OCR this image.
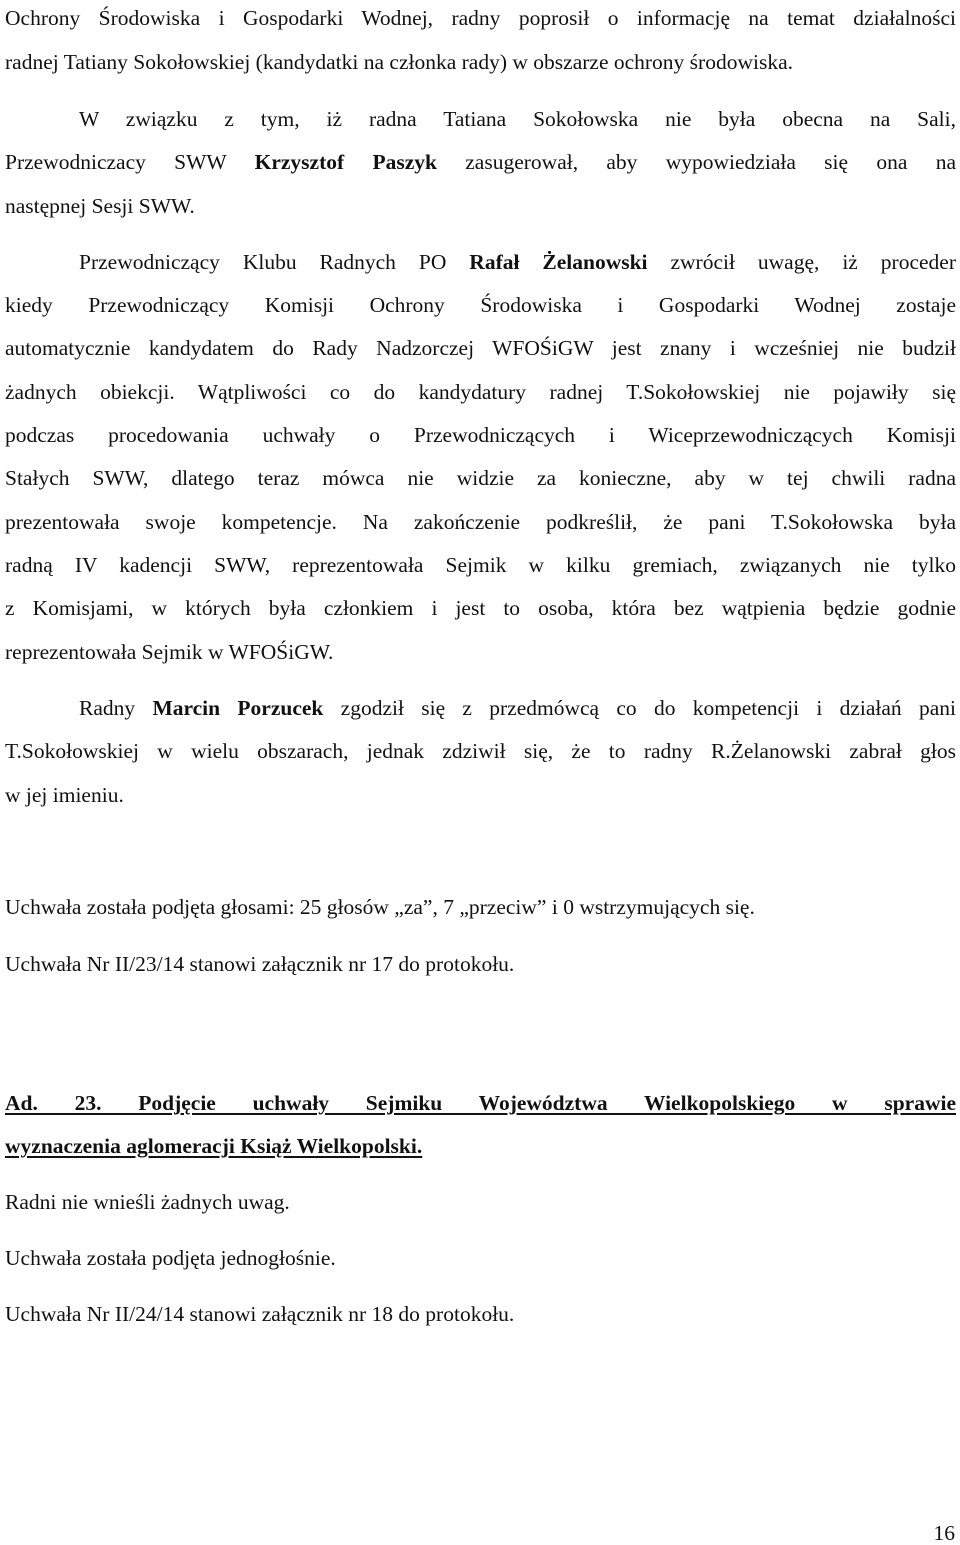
Ochrony Środowiska i Gospodarki Wodnej, radny poprosił o informację na temat działalności
radnej Tatiany Sokołowskiej (kandydatki na członka rady) w obszarze ochrony środowiska.
W związku z tym, iż radna Tatiana Sokołowska nie była obecna na Sali,
Przewodniczacy SWW Krzysztof Paszyk zasugerował, aby wypowiedziała się ona na
następnej Sesji SWW.
Przewodniczący Klubu Radnych PO Rafał Żelanowski zwrócił uwagę, iż proceder
kiedy Przewodniczący Komisji Ochrony Środowiska i Gospodarki Wodnej zostaje
automatycznie kandydatem do Rady Nadzorczej WFOŚiGW jest znany i wcześniej nie budził
żadnych obiekcji. Wątpliwości co do kandydatury radnej T.Sokołowskiej nie pojawiły się
podczas procedowania uchwały o Przewodniczących i Wiceprzewodniczących Komisji
Stałych SWW, dlatego teraz mówca nie widzie za konieczne, aby w tej chwili radna
prezentowała swoje kompetencje. Na zakończenie podkreślił, że pani T.Sokołowska była
radną IV kadencji SWW, reprezentowała Sejmik w kilku gremiach, związanych nie tylko
z Komisjami, w których była członkiem i jest to osoba, która bez wątpienia będzie godnie
reprezentowała Sejmik w WFOŚiGW.
Radny Marcin Porzucek zgodził się z przedmówcą co do kompetencji i działań pani
T.Sokołowskiej w wielu obszarach, jednak zdziwił się, że to radny R.Żelanowski zabrał głos
w jej imieniu.
Uchwała została podjęta głosami: 25 głosów „za”, 7 „przeciw” i 0 wstrzymujących się.
Uchwała Nr II/23/14 stanowi załącznik nr 17 do protokołu.
Ad. 23. Podjęcie uchwały Sejmiku Województwa Wielkopolskiego w sprawie
wyznaczenia aglomeracji Książ Wielkopolski.
Radni nie wnieśli żadnych uwag.
Uchwała została podjęta jednogłośnie.
Uchwała Nr II/24/14 stanowi załącznik nr 18 do protokołu.
16
